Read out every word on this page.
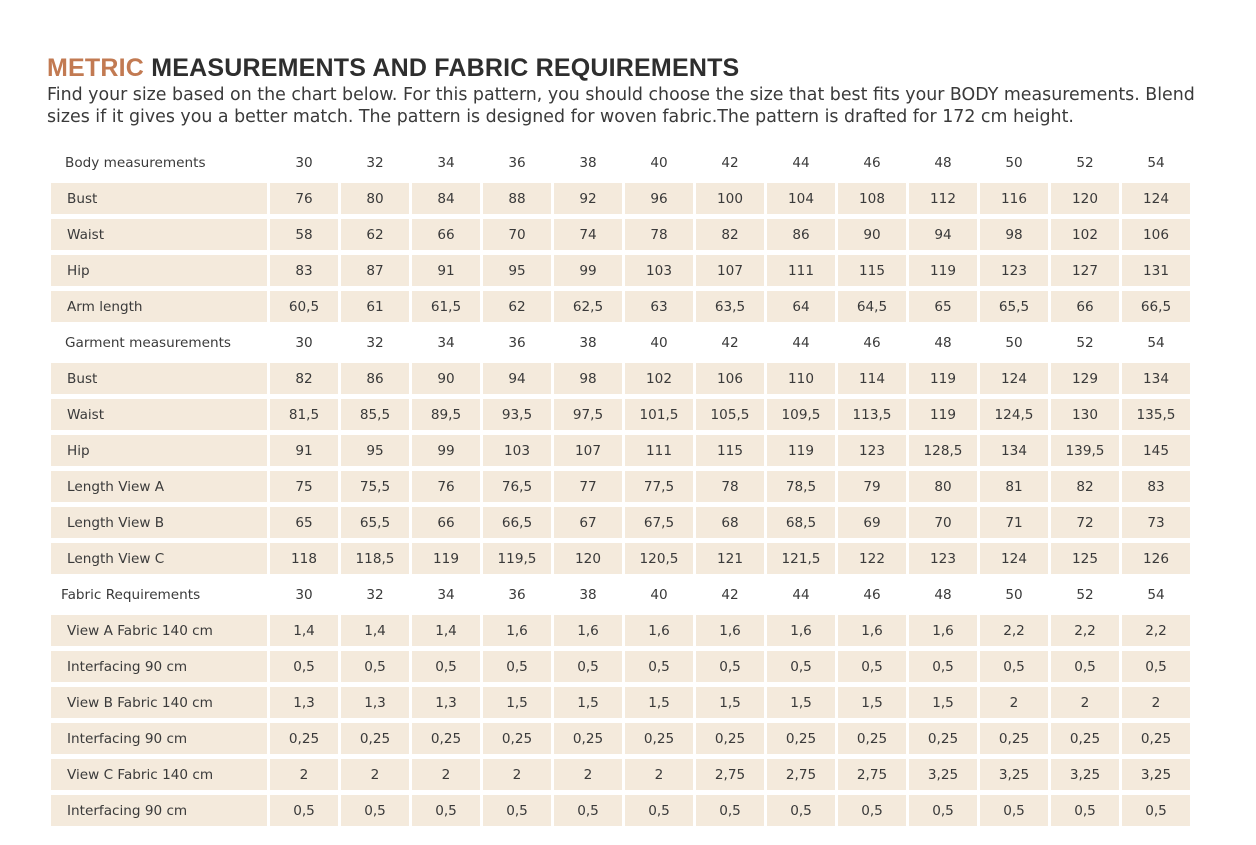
METRIC MEASUREMENTS AND FABRIC REQUIREMENTS

Find your size based on the chart below. For this pattern, you should choose the size that best fits your BODY measurements. Blend

sizes if it gives you a better match. The pattern is designed for woven fabric.The pattern is drafted for 172 cm height.

Body measurements	30	32	34	36	38	40	42	44	46	48	50	52	54
Bust	76	80	84	88	92	96	100	104	108	112	116	120	124
Waist	58	62	66	70	74	78	82	86	90	94	98	102	106
Hip	83	87	91	95	99	103	107	111	115	119	123	127	131
Arm length	60,5	61	61,5	62	62,5	63	63,5	64	64,5	65	65,5	66	66,5
Garment measurements	30	32	34	36	38	40	42	44	46	48	50	52	54
Bust	82	86	90	94	98	102	106	110	114	119	124	129	134
Waist	81,5	85,5	89,5	93,5	97,5	101,5	105,5	109,5	113,5	119	124,5	130	135,5
Hip	91	95	99	103	107	111	115	119	123	128,5	134	139,5	145
Length View A	75	75,5	76	76,5	77	77,5	78	78,5	79	80	81	82	83
Length View B	65	65,5	66	66,5	67	67,5	68	68,5	69	70	71	72	73
Length View C	118	118,5	119	119,5	120	120,5	121	121,5	122	123	124	125	126
Fabric Requirements	30	32	34	36	38	40	42	44	46	48	50	52	54
View A Fabric 140 cm	1,4	1,4	1,4	1,6	1,6	1,6	1,6	1,6	1,6	1,6	2,2	2,2	2,2
Interfacing 90 cm	0,5	0,5	0,5	0,5	0,5	0,5	0,5	0,5	0,5	0,5	0,5	0,5	0,5
View B Fabric 140 cm	1,3	1,3	1,3	1,5	1,5	1,5	1,5	1,5	1,5	1,5	2	2	2
Interfacing 90 cm	0,25	0,25	0,25	0,25	0,25	0,25	0,25	0,25	0,25	0,25	0,25	0,25	0,25
View C Fabric 140 cm	2	2	2	2	2	2	2,75	2,75	2,75	3,25	3,25	3,25	3,25
Interfacing 90 cm	0,5	0,5	0,5	0,5	0,5	0,5	0,5	0,5	0,5	0,5	0,5	0,5	0,5
